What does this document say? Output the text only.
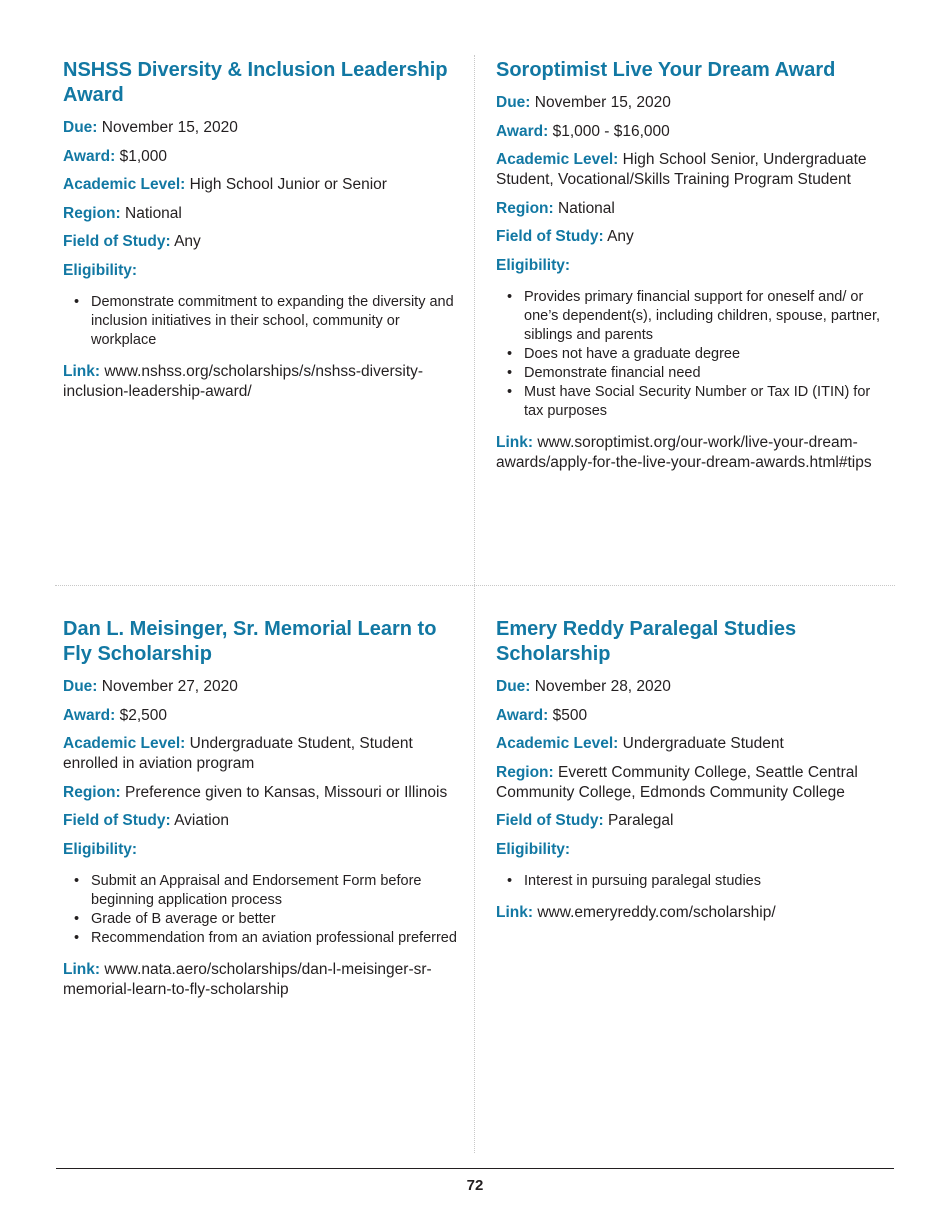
NSHSS Diversity & Inclusion Leadership Award
Due: November 15, 2020
Award: $1,000
Academic Level: High School Junior or Senior
Region: National
Field of Study: Any
Eligibility:
• Demonstrate commitment to expanding the diversity and inclusion initiatives in their school, community or workplace
Link: www.nshss.org/scholarships/s/nshss-diversity-inclusion-leadership-award/
Soroptimist Live Your Dream Award
Due: November 15, 2020
Award: $1,000 - $16,000
Academic Level: High School Senior, Undergraduate Student, Vocational/Skills Training Program Student
Region: National
Field of Study: Any
Eligibility:
• Provides primary financial support for oneself and/ or one’s dependent(s), including children, spouse, partner, siblings and parents
• Does not have a graduate degree
• Demonstrate financial need
• Must have Social Security Number or Tax ID (ITIN) for tax purposes
Link: www.soroptimist.org/our-work/live-your-dream-awards/apply-for-the-live-your-dream-awards.html#tips
Dan L. Meisinger, Sr. Memorial Learn to Fly Scholarship
Due: November 27, 2020
Award: $2,500
Academic Level: Undergraduate Student, Student enrolled in aviation program
Region: Preference given to Kansas, Missouri or Illinois
Field of Study: Aviation
Eligibility:
• Submit an Appraisal and Endorsement Form before beginning application process
• Grade of B average or better
• Recommendation from an aviation professional preferred
Link: www.nata.aero/scholarships/dan-l-meisinger-sr-memorial-learn-to-fly-scholarship
Emery Reddy Paralegal Studies Scholarship
Due: November 28, 2020
Award: $500
Academic Level: Undergraduate Student
Region: Everett Community College, Seattle Central Community College, Edmonds Community College
Field of Study: Paralegal
Eligibility:
• Interest in pursuing paralegal studies
Link: www.emeryreddy.com/scholarship/
72
